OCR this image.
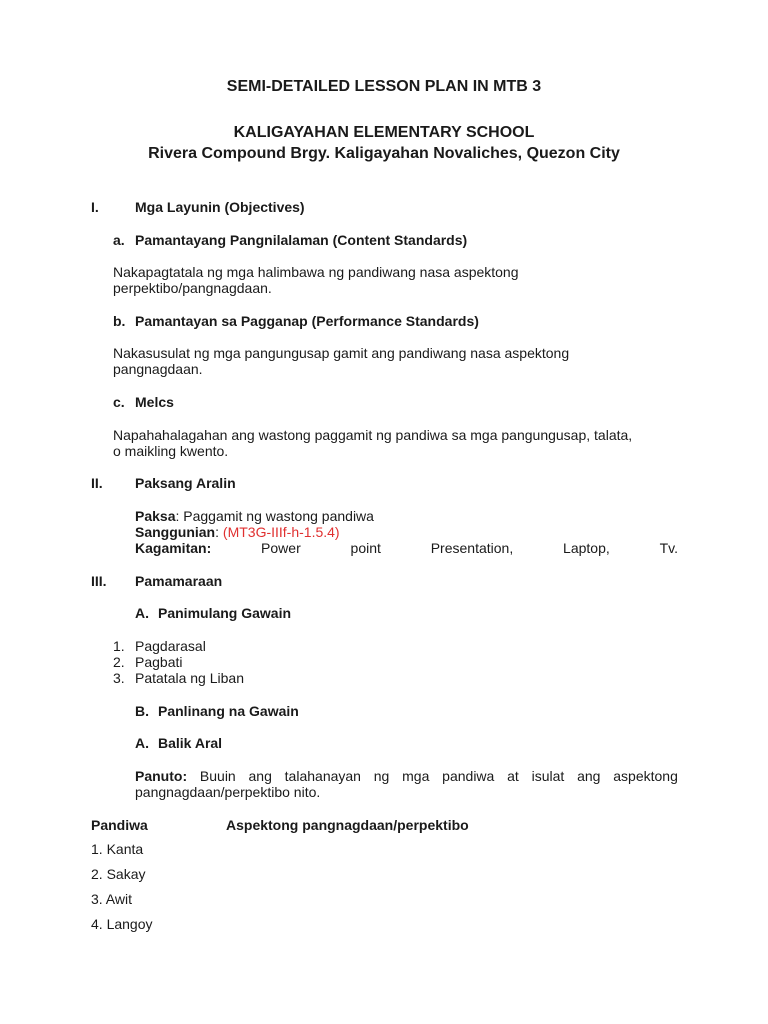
SEMI-DETAILED LESSON PLAN IN MTB 3
KALIGAYAHAN ELEMENTARY SCHOOL
Rivera Compound Brgy. Kaligayahan Novaliches, Quezon City
I.	Mga Layunin (Objectives)
a. Pamantayang Pangnilalaman (Content Standards)
Nakapagtatala ng mga halimbawa ng pandiwang nasa aspektong
perpektibo/pangnagdaan.
b. Pamantayan sa Pagganap (Performance Standards)
Nakasusulat ng mga pangungusap gamit ang pandiwang nasa aspektong
pangnagdaan.
c. Melcs
Napahahalagahan ang wastong paggamit ng pandiwa sa mga pangungusap, talata,
o maikling kwento.
II. Paksang Aralin
Paksa: Paggamit ng wastong pandiwa
Sanggunian: (MT3G-IIIf-h-1.5.4)
Kagamitan:	Power	point	Presentation,	Laptop,	Tv.
III. Pamamaraan
A. Panimulang Gawain
1. Pagdarasal
2. Pagbati
3. Patatala ng Liban
B. Panlinang na Gawain
A. Balik Aral
Panuto: Buuin ang talahanayan ng mga pandiwa at isulat ang aspektong
pangnagdaan/perpektibo nito.
Pandiwa	Aspektong pangnagdaan/perpektibo
1. Kanta
2. Sakay
3. Awit
4. Langoy
